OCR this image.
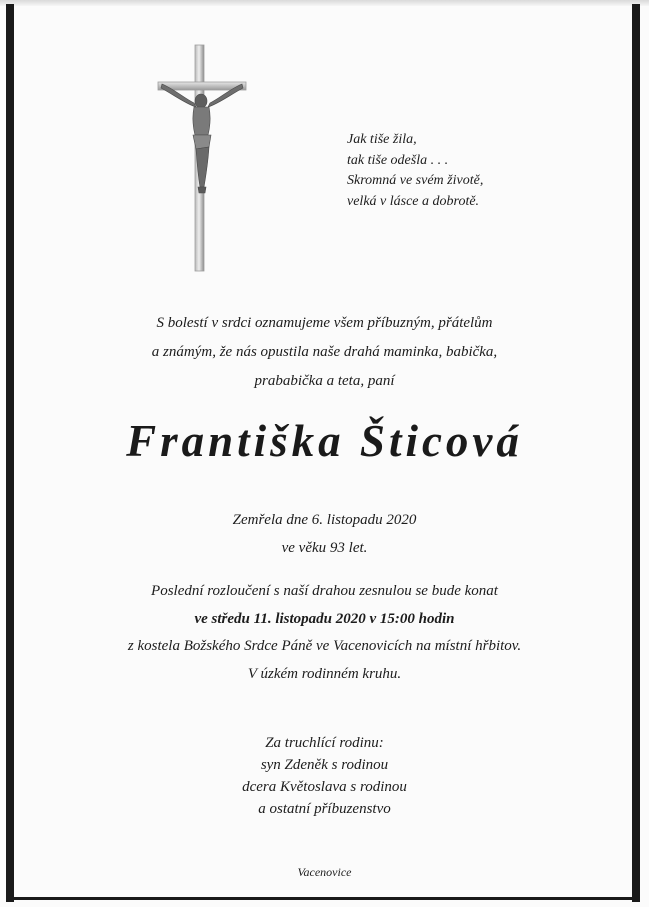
Jak tiše žila,
tak tiše odešla . . .
Skromná ve svém životě,
velká v lásce a dobrotě.
S bolestí v srdci oznamujeme všem příbuzným, přátelům
a známým, že nás opustila naše drahá maminka, babička,
prababička a teta, paní
Františka Šticová
Zemřela dne 6. listopadu 2020
ve věku 93 let.
Poslední rozloučení s naší drahou zesnulou se bude konat
ve středu 11. listopadu 2020 v 15:00 hodin
z kostela Božského Srdce Páně ve Vacenovicích na místní hřbitov.
V úzkém rodinném kruhu.
Za truchlící rodinu:
syn Zdeněk s rodinou
dcera Květoslava s rodinou
a ostatní příbuzenstvo
Vacenovice
